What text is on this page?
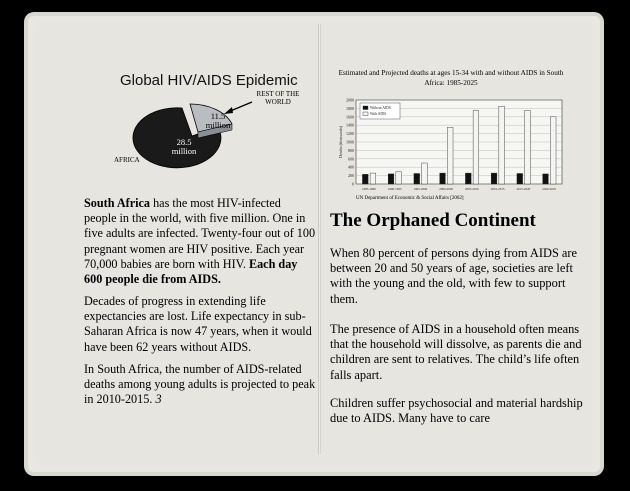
Global HIV/AIDS Epidemic
REST OF THE WORLD
11.5 million
28.5 million
AFRICA

South Africa has the most HIV-infected people in the world, with five million. One in five adults are infected. Twenty-four out of 100 pregnant women are HIV positive. Each year 70,000 babies are born with HIV. Each day 600 people die from AIDS.

Decades of progress in extending life expectancies are lost. Life expectancy in sub-Saharan Africa is now 47 years, when it would have been 62 years without AIDS.

In South Africa, the number of AIDS-related deaths among young adults is projected to peak in 2010-2015. 3

Estimated and Projected deaths at ages 15-34 with and without AIDS in South Africa: 1985-2025
0
200
400
600
800
1000
1200
1400
1600
1800
2000
Deaths (thousands)
1985-1990	1990-1995	1995-2000	2000-2005	2005-2010	2010-2015	2015-2020	2020-2025
Without AIDS
With AIDS
UN Department of Economic & Social Affairs [2002]
The Orphaned Continent

When 80 percent of persons dying from AIDS are between 20 and 50 years of age, societies are left with the young and the old, with few to support them.

The presence of AIDS in a household often means that the household will dissolve, as parents die and children are sent to relatives. The child’s life often falls apart.

Children suffer psychosocial and material hardship due to AIDS. Many have to care
